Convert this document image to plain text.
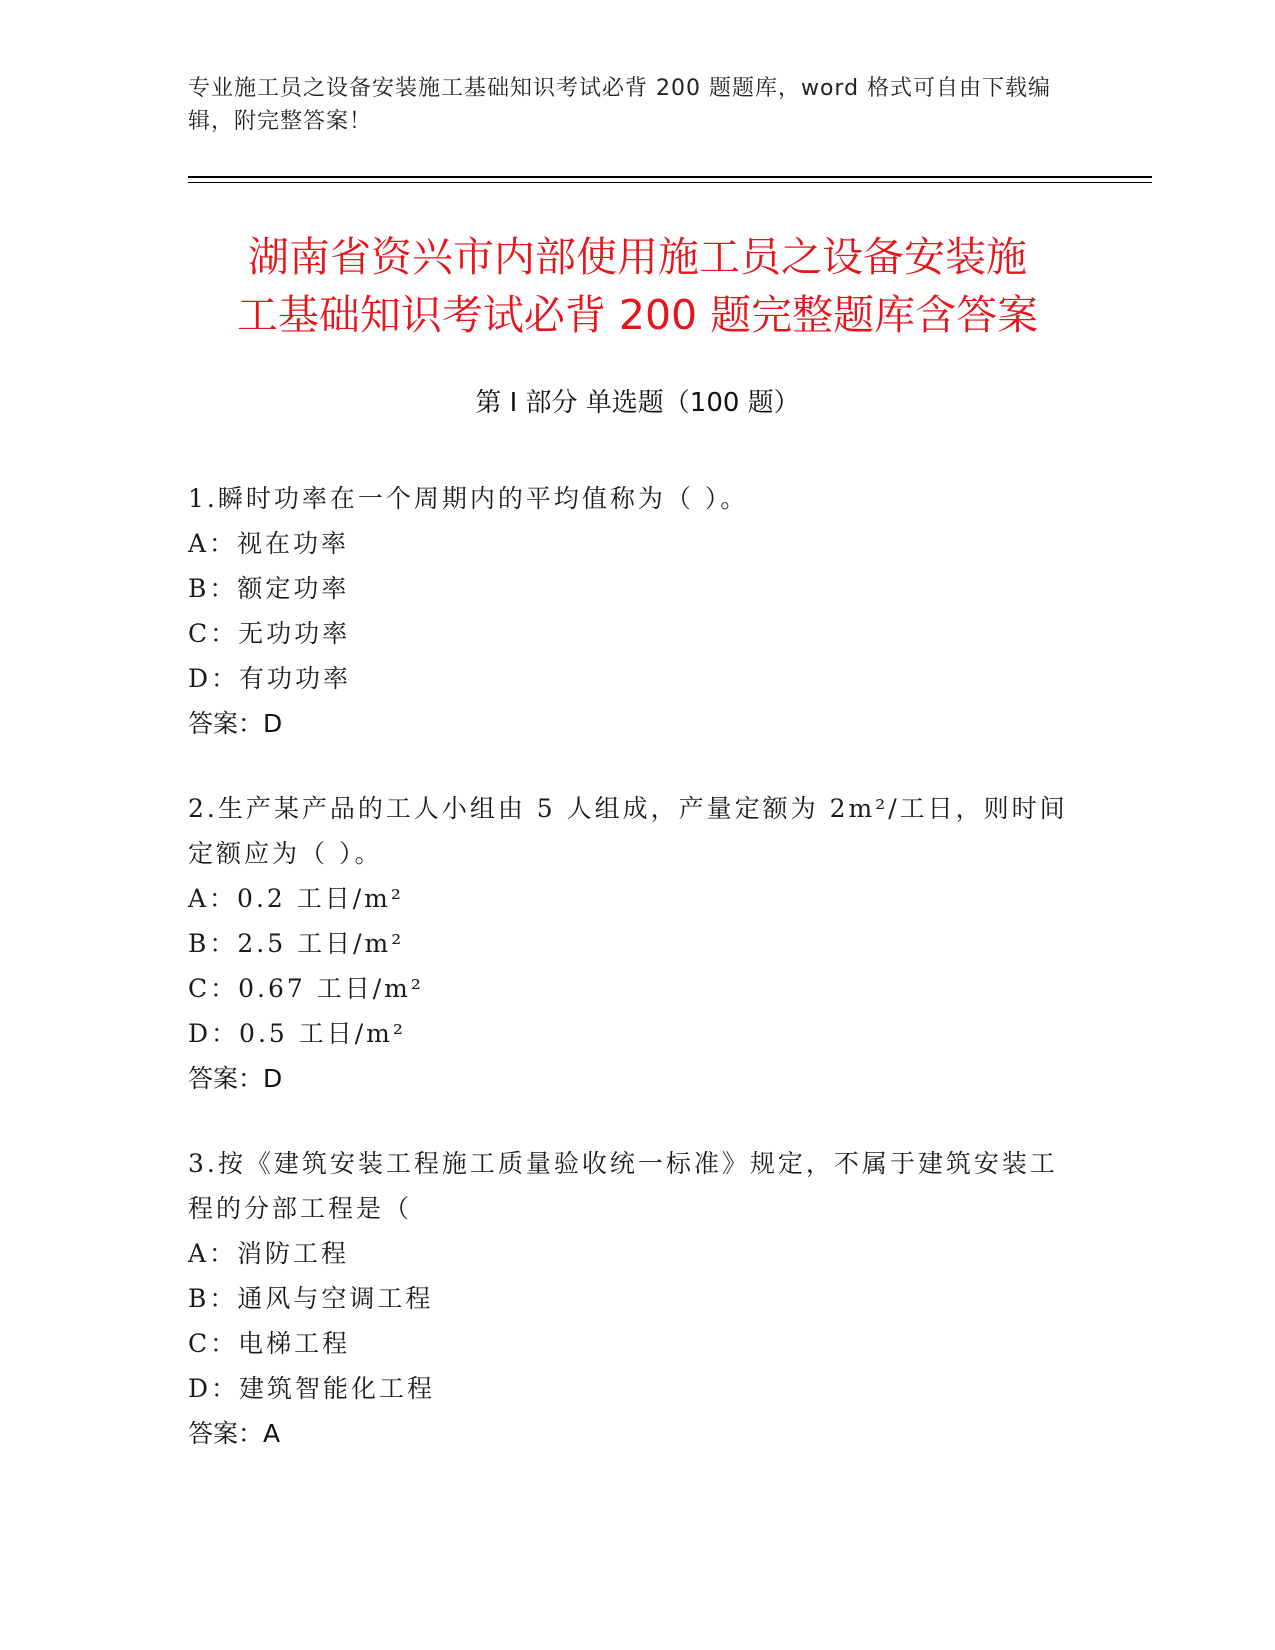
专业施工员之设备安装施工基础知识考试必背 200 题题库，word 格式可自由下载编辑，附完整答案！
湖南省资兴市内部使用施工员之设备安装施
工基础知识考试必背 200 题完整题库含答案
第 I 部分 单选题（100 题）

1.瞬时功率在一个周期内的平均值称为（ ）。

A：视在功率

B：额定功率

C：无功功率

D：有功功率

答案：D

2.生产某产品的工人小组由 5 人组成，产量定额为 2m²/工日，则时间定额应为（ ）。

A：0.2 工日/m²

B：2.5 工日/m²

C：0.67 工日/m²

D：0.5 工日/m²

答案：D

3.按《建筑安装工程施工质量验收统一标准》规定，不属于建筑安装工程的分部工程是（

A：消防工程

B：通风与空调工程

C：电梯工程

D：建筑智能化工程

答案：A
